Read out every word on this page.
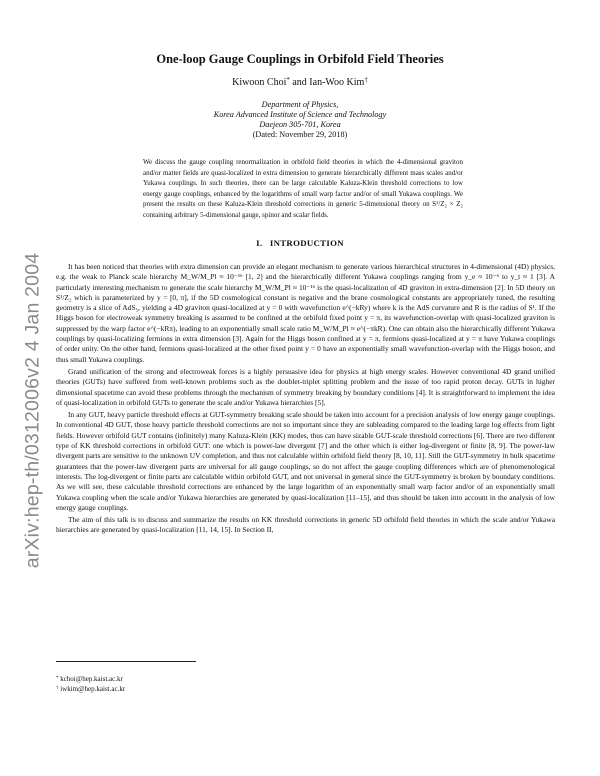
arXiv:hep-th/0312006v2 4 Jan 2004
One-loop Gauge Couplings in Orbifold Field Theories
Kiwoon Choi* and Ian-Woo Kim†
Department of Physics,
Korea Advanced Institute of Science and Technology
Daejeon 305-701, Korea
(Dated: November 29, 2018)
We discuss the gauge coupling renormalization in orbifold field theories in which the 4-dimensional graviton and/or matter fields are quasi-localized in extra dimension to generate hierarchically different mass scales and/or Yukawa couplings. In such theories, there can be large calculable Kaluza-Klein threshold corrections to low energy gauge couplings, enhanced by the logarithms of small warp factor and/or of small Yukawa couplings. We present the results on these Kaluza-Klein threshold corrections in generic 5-dimensional theory on S¹/Z₂ × Z₂ containing arbitrary 5-dimensional gauge, spinor and scalar fields.
I. INTRODUCTION

It has been noticed that theories with extra dimension can provide an elegant mechanism to generate various hierarchical structures in 4-dimensional (4D) physics, e.g. the weak to Planck scale hierarchy M_W/M_Pl ≈ 10⁻¹⁶ [1, 2] and the hierarchically different Yukawa couplings ranging from y_e ≈ 10⁻⁶ to y_t ≈ 1 [3]. A particularly interesting mechanism to generate the scale hierarchy M_W/M_Pl ≈ 10⁻¹⁶ is the quasi-localization of 4D graviton in extra-dimension [2]. In 5D theory on S¹/Z₂ which is parameterized by y = [0, π], if the 5D cosmological constant is negative and the brane cosmological constants are appropriately tuned, the resulting geometry is a slice of AdS₅, yielding a 4D graviton quasi-localized at y = 0 with wavefunction e^(−kRy) where k is the AdS curvature and R is the radius of S¹. If the Higgs boson for electroweak symmetry breaking is assumed to be confined at the orbifold fixed point y = π, its wavefunction-overlap with quasi-localized graviton is suppressed by the warp factor e^(−kRπ), leading to an exponentially small scale ratio M_W/M_Pl ≈ e^(−πkR). One can obtain also the hierarchically different Yukawa couplings by quasi-localizing fermions in extra dimension [3]. Again for the Higgs boson confined at y = π, fermions quasi-localized at y = π have Yukawa couplings of order unity. On the other hand, fermions quasi-localized at the other fixed point y = 0 have an exponentially small wavefunction-overlap with the Higgs boson, and thus small Yukawa couplings.

Grand unification of the strong and electroweak forces is a highly persuasive idea for physics at high energy scales. However conventional 4D grand unified theories (GUTs) have suffered from well-known problems such as the doublet-triplet splitting problem and the issue of too rapid proton decay. GUTs in higher dimensional spacetime can avoid these problems through the mechanism of symmetry breaking by boundary conditions [4]. It is straightforward to implement the idea of quasi-localization in orbifold GUTs to generate the scale and/or Yukawa hierarchies [5].

In any GUT, heavy particle threshold effects at GUT-symmetry breaking scale should be taken into account for a precision analysis of low energy gauge couplings. In conventional 4D GUT, those heavy particle threshold corrections are not so important since they are subleading compared to the leading large log effects from light fields. However orbifold GUT contains (infinitely) many Kaluza-Klein (KK) modes, thus can have sizable GUT-scale threshold corrections [6]. There are two different type of KK threshold corrections in orbifold GUT: one which is power-law divergent [7] and the other which is either log-divergent or finite [8, 9]. The power-law divergent parts are sensitive to the unknown UV completion, and thus not calculable within orbifold field theory [8, 10, 11]. Still the GUT-symmetry in bulk spacetime guarantees that the power-law divergent parts are universal for all gauge couplings, so do not affect the gauge coupling differences which are of phenomenological interests. The log-divergent or finite parts are calculable within orbifold GUT, and not universal in general since the GUT-symmetry is broken by boundary conditions. As we will see, these calculable threshold corrections are enhanced by the large logarithm of an exponentially small warp factor and/or of an exponentially small Yukawa coupling when the scale and/or Yukawa hierarchies are generated by quasi-localization [11–15], and thus should be taken into account in the analysis of low energy gauge couplings.

The aim of this talk is to discuss and summarize the results on KK threshold corrections in generic 5D orbifold field theories in which the scale and/or Yukawa hierarchies are generated by quasi-localization [11, 14, 15]. In Section II,

* kchoi@hep.kaist.ac.kr
† iwkim@hep.kaist.ac.kr
